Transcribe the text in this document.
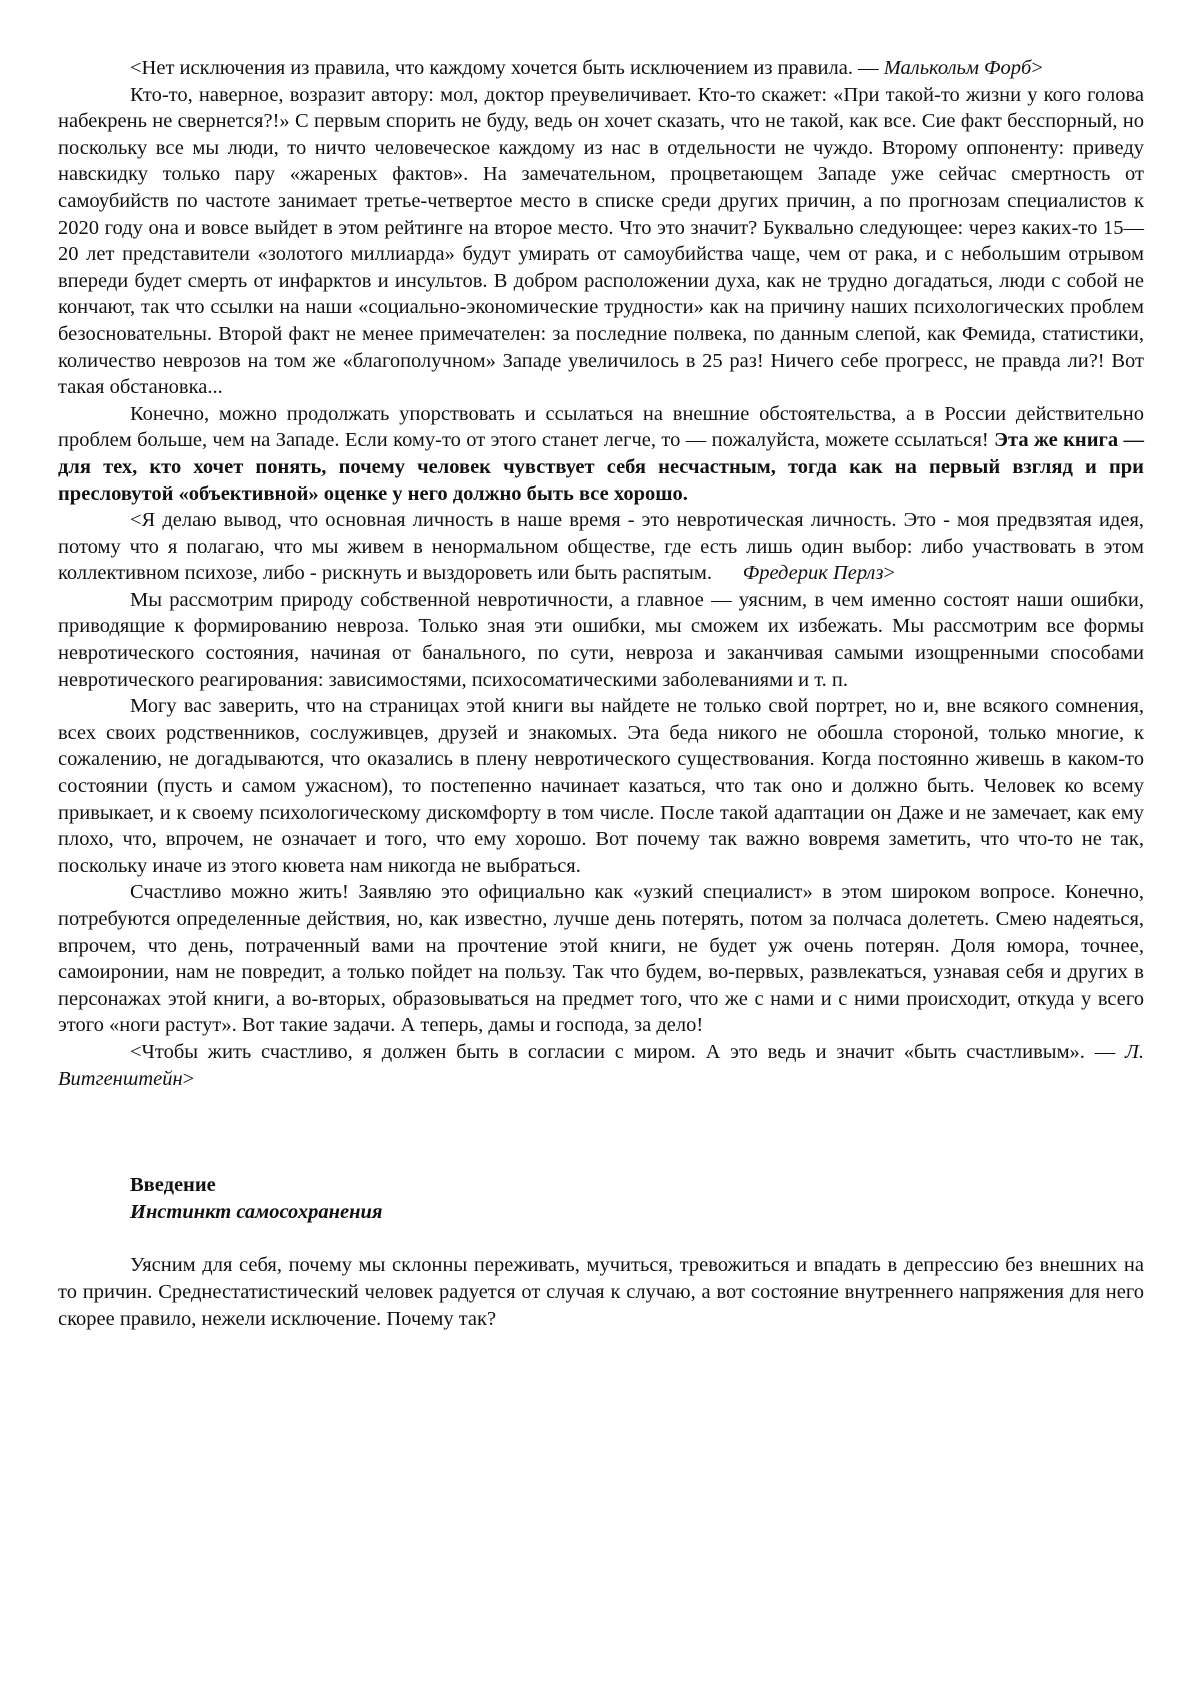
<Нет исключения из правила, что каждому хочется быть исключением из правила. — Малькольм Форб>

Кто-то, наверное, возразит автору: мол, доктор преувеличивает. Кто-то скажет: «При такой-то жизни у кого голова набекрень не свернется?!» С первым спорить не буду, ведь он хочет сказать, что не такой, как все. Сие факт бесспорный, но поскольку все мы люди, то ничто человеческое каждому из нас в отдельности не чуждо. Второму оппоненту: приведу навскидку только пару «жареных фактов». На замечательном, процветающем Западе уже сейчас смертность от самоубийств по частоте занимает третье-четвертое место в списке среди других причин, а по прогнозам специалистов к 2020 году она и вовсе выйдет в этом рейтинге на второе место. Что это значит? Буквально следующее: через каких-то 15—20 лет представители «золотого миллиарда» будут умирать от самоубийства чаще, чем от рака, и с небольшим отрывом впереди будет смерть от инфарктов и инсультов. В добром расположении духа, как не трудно догадаться, люди с собой не кончают, так что ссылки на наши «социально-экономические трудности» как на причину наших психологических проблем безосновательны. Второй факт не менее примечателен: за последние полвека, по данным слепой, как Фемида, статистики, количество неврозов на том же «благополучном» Западе увеличилось в 25 раз! Ничего себе прогресс, не правда ли?! Вот такая обстановка...

Конечно, можно продолжать упорствовать и ссылаться на внешние обстоятельства, а в России действительно проблем больше, чем на Западе. Если кому-то от этого станет легче, то — пожалуйста, можете ссылаться! Эта же книга — для тех, кто хочет понять, почему человек чувствует себя несчастным, тогда как на первый взгляд и при пресловутой «объективной» оценке у него должно быть все хорошо.

<Я делаю вывод, что основная личность в наше время - это невротическая личность. Это - моя предвзятая идея, потому что я полагаю, что мы живем в ненормальном обществе, где есть лишь один выбор: либо участвовать в этом коллективном психозе, либо - рискнуть и выздороветь или быть распятым.      Фредерик Перлз>

Мы рассмотрим природу собственной невротичности, а главное — уясним, в чем именно состоят наши ошибки, приводящие к формированию невроза. Только зная эти ошибки, мы сможем их избежать. Мы рассмотрим все формы невротического состояния, начиная от банального, по сути, невроза и заканчивая самыми изощренными способами невротического реагирования: зависимостями, психосоматическими заболеваниями и т. п.

Могу вас заверить, что на страницах этой книги вы найдете не только свой портрет, но и, вне всякого сомнения, всех своих родственников, сослуживцев, друзей и знакомых. Эта беда никого не обошла стороной, только многие, к сожалению, не догадываются, что оказались в плену невротического существования. Когда постоянно живешь в каком-то состоянии (пусть и самом ужасном), то постепенно начинает казаться, что так оно и должно быть. Человек ко всему привыкает, и к своему психологическому дискомфорту в том числе. После такой адаптации он Даже и не замечает, как ему плохо, что, впрочем, не означает и того, что ему хорошо. Вот почему так важно вовремя заметить, что что-то не так, поскольку иначе из этого кювета нам никогда не выбраться.

Счастливо можно жить! Заявляю это официально как «узкий специалист» в этом широком вопросе. Конечно, потребуются определенные действия, но, как известно, лучше день потерять, потом за полчаса долететь. Смею надеяться, впрочем, что день, потраченный вами на прочтение этой книги, не будет уж очень потерян. Доля юмора, точнее, самоиронии, нам не повредит, а только пойдет на пользу. Так что будем, во-первых, развлекаться, узнавая себя и других в персонажах этой книги, а во-вторых, образовываться на предмет того, что же с нами и с ними происходит, откуда у всего этого «ноги растут». Вот такие задачи. А теперь, дамы и господа, за дело!

<Чтобы жить счастливо, я должен быть в согласии с миром. А это ведь и значит «быть счастливым». — Л. Витгенштейн>

Введение

Инстинкт самосохранения

Уясним для себя, почему мы склонны переживать, мучиться, тревожиться и впадать в депрессию без внешних на то причин. Среднестатистический человек радуется от случая к случаю, а вот состояние внутреннего напряжения для него скорее правило, нежели исключение. Почему так?
